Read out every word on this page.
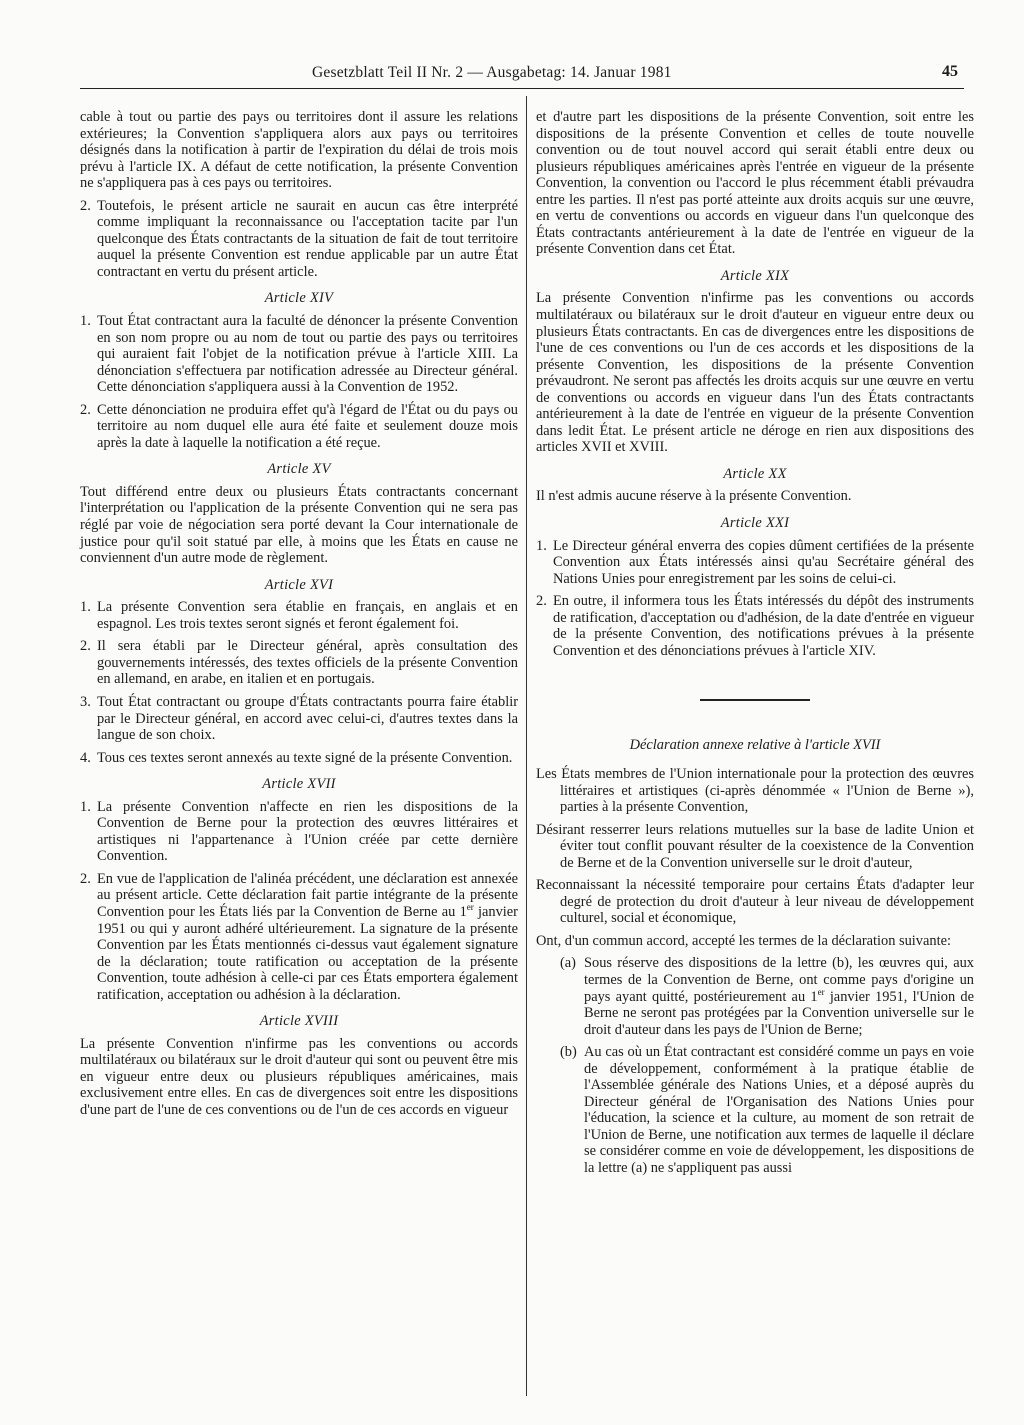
Gesetzblatt Teil II Nr. 2 — Ausgabetag: 14. Januar 1981	45

cable à tout ou partie des pays ou territoires dont il assure les relations extérieures; la Convention s'appliquera alors aux pays ou territoires désignés dans la notification à partir de l'expiration du délai de trois mois prévu à l'article IX. A défaut de cette notification, la présente Convention ne s'appliquera pas à ces pays ou territoires.

2. Toutefois, le présent article ne saurait en aucun cas être interprété comme impliquant la reconnaissance ou l'acceptation tacite par l'un quelconque des États contractants de la situation de fait de tout territoire auquel la présente Convention est rendue applicable par un autre État contractant en vertu du présent article.
Article XIV
1. Tout État contractant aura la faculté de dénoncer la présente Convention en son nom propre ou au nom de tout ou partie des pays ou territoires qui auraient fait l'objet de la notification prévue à l'article XIII. La dénonciation s'effectuera par notification adressée au Directeur général. Cette dénonciation s'appliquera aussi à la Convention de 1952.
2. Cette dénonciation ne produira effet qu'à l'égard de l'État ou du pays ou territoire au nom duquel elle aura été faite et seulement douze mois après la date à laquelle la notification a été reçue.
Article XV

Tout différend entre deux ou plusieurs États contractants concernant l'interprétation ou l'application de la présente Convention qui ne sera pas réglé par voie de négociation sera porté devant la Cour internationale de justice pour qu'il soit statué par elle, à moins que les États en cause ne conviennent d'un autre mode de règlement.

Article XVI
1. La présente Convention sera établie en français, en anglais et en espagnol. Les trois textes seront signés et feront également foi.
2. Il sera établi par le Directeur général, après consultation des gouvernements intéressés, des textes officiels de la présente Convention en allemand, en arabe, en italien et en portugais.
3. Tout État contractant ou groupe d'États contractants pourra faire établir par le Directeur général, en accord avec celui-ci, d'autres textes dans la langue de son choix.
4. Tous ces textes seront annexés au texte signé de la présente Convention.
Article XVII
1. La présente Convention n'affecte en rien les dispositions de la Convention de Berne pour la protection des œuvres littéraires et artistiques ni l'appartenance à l'Union créée par cette dernière Convention.
2. En vue de l'application de l'alinéa précédent, une déclaration est annexée au présent article. Cette déclaration fait partie intégrante de la présente Convention pour les États liés par la Convention de Berne au 1er janvier 1951 ou qui y auront adhéré ultérieurement. La signature de la présente Convention par les États mentionnés ci-dessus vaut également signature de la déclaration; toute ratification ou acceptation de la présente Convention, toute adhésion à celle-ci par ces États emportera également ratification, acceptation ou adhésion à la déclaration.
Article XVIII

La présente Convention n'infirme pas les conventions ou accords multilatéraux ou bilatéraux sur le droit d'auteur qui sont ou peuvent être mis en vigueur entre deux ou plusieurs républiques américaines, mais exclusivement entre elles. En cas de divergences soit entre les dispositions d'une part de l'une de ces conventions ou de l'un de ces accords en vigueur

et d'autre part les dispositions de la présente Convention, soit entre les dispositions de la présente Convention et celles de toute nouvelle convention ou de tout nouvel accord qui serait établi entre deux ou plusieurs républiques américaines après l'entrée en vigueur de la présente Convention, la convention ou l'accord le plus récemment établi prévaudra entre les parties. Il n'est pas porté atteinte aux droits acquis sur une œuvre, en vertu de conventions ou accords en vigueur dans l'un quelconque des États contractants antérieurement à la date de l'entrée en vigueur de la présente Convention dans cet État.

Article XIX

La présente Convention n'infirme pas les conventions ou accords multilatéraux ou bilatéraux sur le droit d'auteur en vigueur entre deux ou plusieurs États contractants. En cas de divergences entre les dispositions de l'une de ces conventions ou l'un de ces accords et les dispositions de la présente Convention, les dispositions de la présente Convention prévaudront. Ne seront pas affectés les droits acquis sur une œuvre en vertu de conventions ou accords en vigueur dans l'un des États contractants antérieurement à la date de l'entrée en vigueur de la présente Convention dans ledit État. Le présent article ne déroge en rien aux dispositions des articles XVII et XVIII.

Article XX

Il n'est admis aucune réserve à la présente Convention.

Article XXI
1. Le Directeur général enverra des copies dûment certifiées de la présente Convention aux États intéressés ainsi qu'au Secrétaire général des Nations Unies pour enregistrement par les soins de celui-ci.
2. En outre, il informera tous les États intéressés du dépôt des instruments de ratification, d'acceptation ou d'adhésion, de la date d'entrée en vigueur de la présente Convention, des notifications prévues à la présente Convention et des dénonciations prévues à l'article XIV.
Déclaration annexe relative à l'article XVII

Les États membres de l'Union internationale pour la protection des œuvres littéraires et artistiques (ci-après dénommée « l'Union de Berne »), parties à la présente Convention,

Désirant resserrer leurs relations mutuelles sur la base de ladite Union et éviter tout conflit pouvant résulter de la coexistence de la Convention de Berne et de la Convention universelle sur le droit d'auteur,

Reconnaissant la nécessité temporaire pour certains États d'adapter leur degré de protection du droit d'auteur à leur niveau de développement culturel, social et économique,

Ont, d'un commun accord, accepté les termes de la déclaration suivante:

(a) Sous réserve des dispositions de la lettre (b), les œuvres qui, aux termes de la Convention de Berne, ont comme pays d'origine un pays ayant quitté, postérieurement au 1er janvier 1951, l'Union de Berne ne seront pas protégées par la Convention universelle sur le droit d'auteur dans les pays de l'Union de Berne;
(b) Au cas où un État contractant est considéré comme un pays en voie de développement, conformément à la pratique établie de l'Assemblée générale des Nations Unies, et a déposé auprès du Directeur général de l'Organisation des Nations Unies pour l'éducation, la science et la culture, au moment de son retrait de l'Union de Berne, une notification aux termes de laquelle il déclare se considérer comme en voie de développement, les dispositions de la lettre (a) ne s'appliquent pas aussi
